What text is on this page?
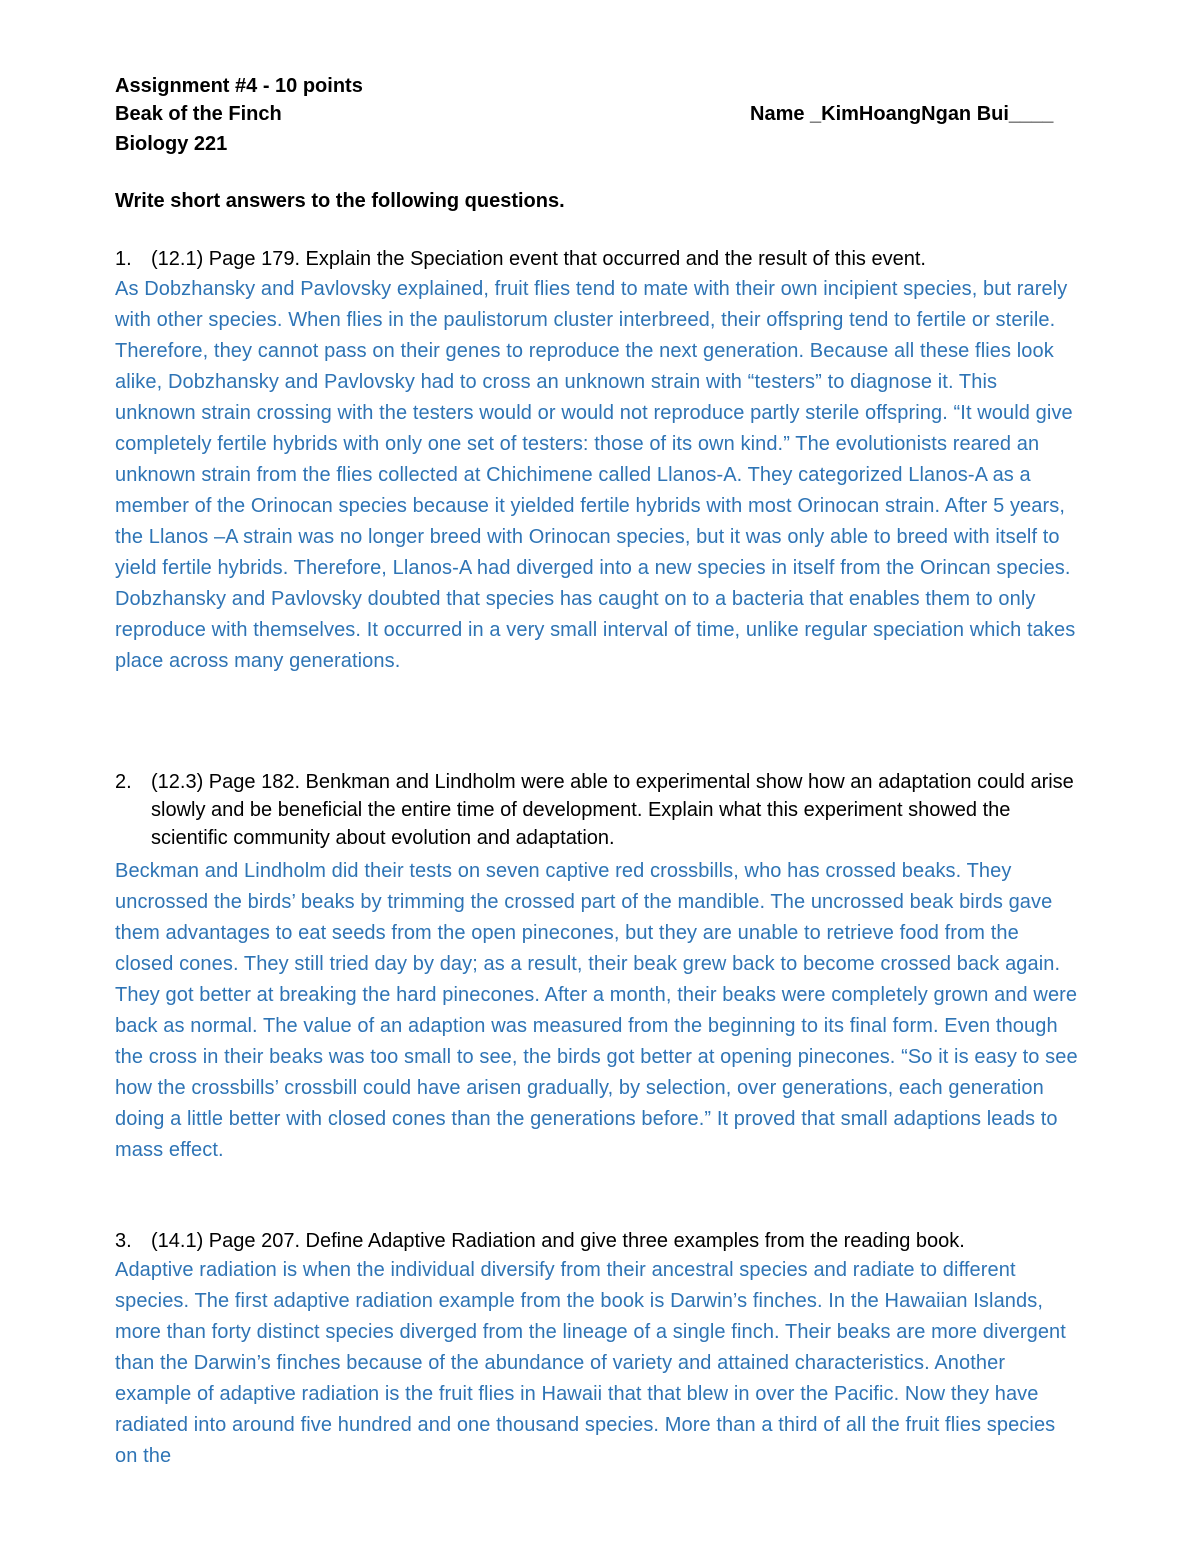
Assignment #4 - 10 points
Beak of the Finch	Name _KimHoangNgan Bui____
Biology 221
Write short answers to the following questions.
1. (12.1) Page 179. Explain the Speciation event that occurred and the result of this event.
As Dobzhansky and Pavlovsky explained, fruit flies tend to mate with their own incipient species, but rarely with other species. When flies in the paulistorum cluster interbreed, their offspring tend to fertile or sterile. Therefore, they cannot pass on their genes to reproduce the next generation. Because all these flies look alike, Dobzhansky and Pavlovsky had to cross an unknown strain with “testers” to diagnose it. This unknown strain crossing with the testers would or would not reproduce partly sterile offspring. “It would give completely fertile hybrids with only one set of testers: those of its own kind.” The evolutionists reared an unknown strain from the flies collected at Chichimene called Llanos-A. They categorized Llanos-A as a member of the Orinocan species because it yielded fertile hybrids with most Orinocan strain. After 5 years, the Llanos –A strain was no longer breed with Orinocan species, but it was only able to breed with itself to yield fertile hybrids. Therefore, Llanos-A had diverged into a new species in itself from the Orincan species. Dobzhansky and Pavlovsky doubted that species has caught on to a bacteria that enables them to only reproduce with themselves. It occurred in a very small interval of time, unlike regular speciation which takes place across many generations.
2. (12.3) Page 182. Benkman and Lindholm were able to experimental show how an adaptation could arise slowly and be beneficial the entire time of development. Explain what this experiment showed the scientific community about evolution and adaptation.
Beckman and Lindholm did their tests on seven captive red crossbills, who has crossed beaks. They uncrossed the birds’ beaks by trimming the crossed part of the mandible. The uncrossed beak birds gave them advantages to eat seeds from the open pinecones, but they are unable to retrieve food from the closed cones. They still tried day by day; as a result, their beak grew back to become crossed back again. They got better at breaking the hard pinecones. After a month, their beaks were completely grown and were back as normal. The value of an adaption was measured from the beginning to its final form. Even though the cross in their beaks was too small to see, the birds got better at opening pinecones. “So it is easy to see how the crossbills’ crossbill could have arisen gradually, by selection, over generations, each generation doing a little better with closed cones than the generations before.” It proved that small adaptions leads to mass effect.
3. (14.1) Page 207. Define Adaptive Radiation and give three examples from the reading book.
Adaptive radiation is when the individual diversify from their ancestral species and radiate to different species. The first adaptive radiation example from the book is Darwin’s finches. In the Hawaiian Islands, more than forty distinct species diverged from the lineage of a single finch. Their beaks are more divergent than the Darwin’s finches because of the abundance of variety and attained characteristics. Another example of adaptive radiation is the fruit flies in Hawaii that that blew in over the Pacific. Now they have radiated into around five hundred and one thousand species. More than a third of all the fruit flies species on the
